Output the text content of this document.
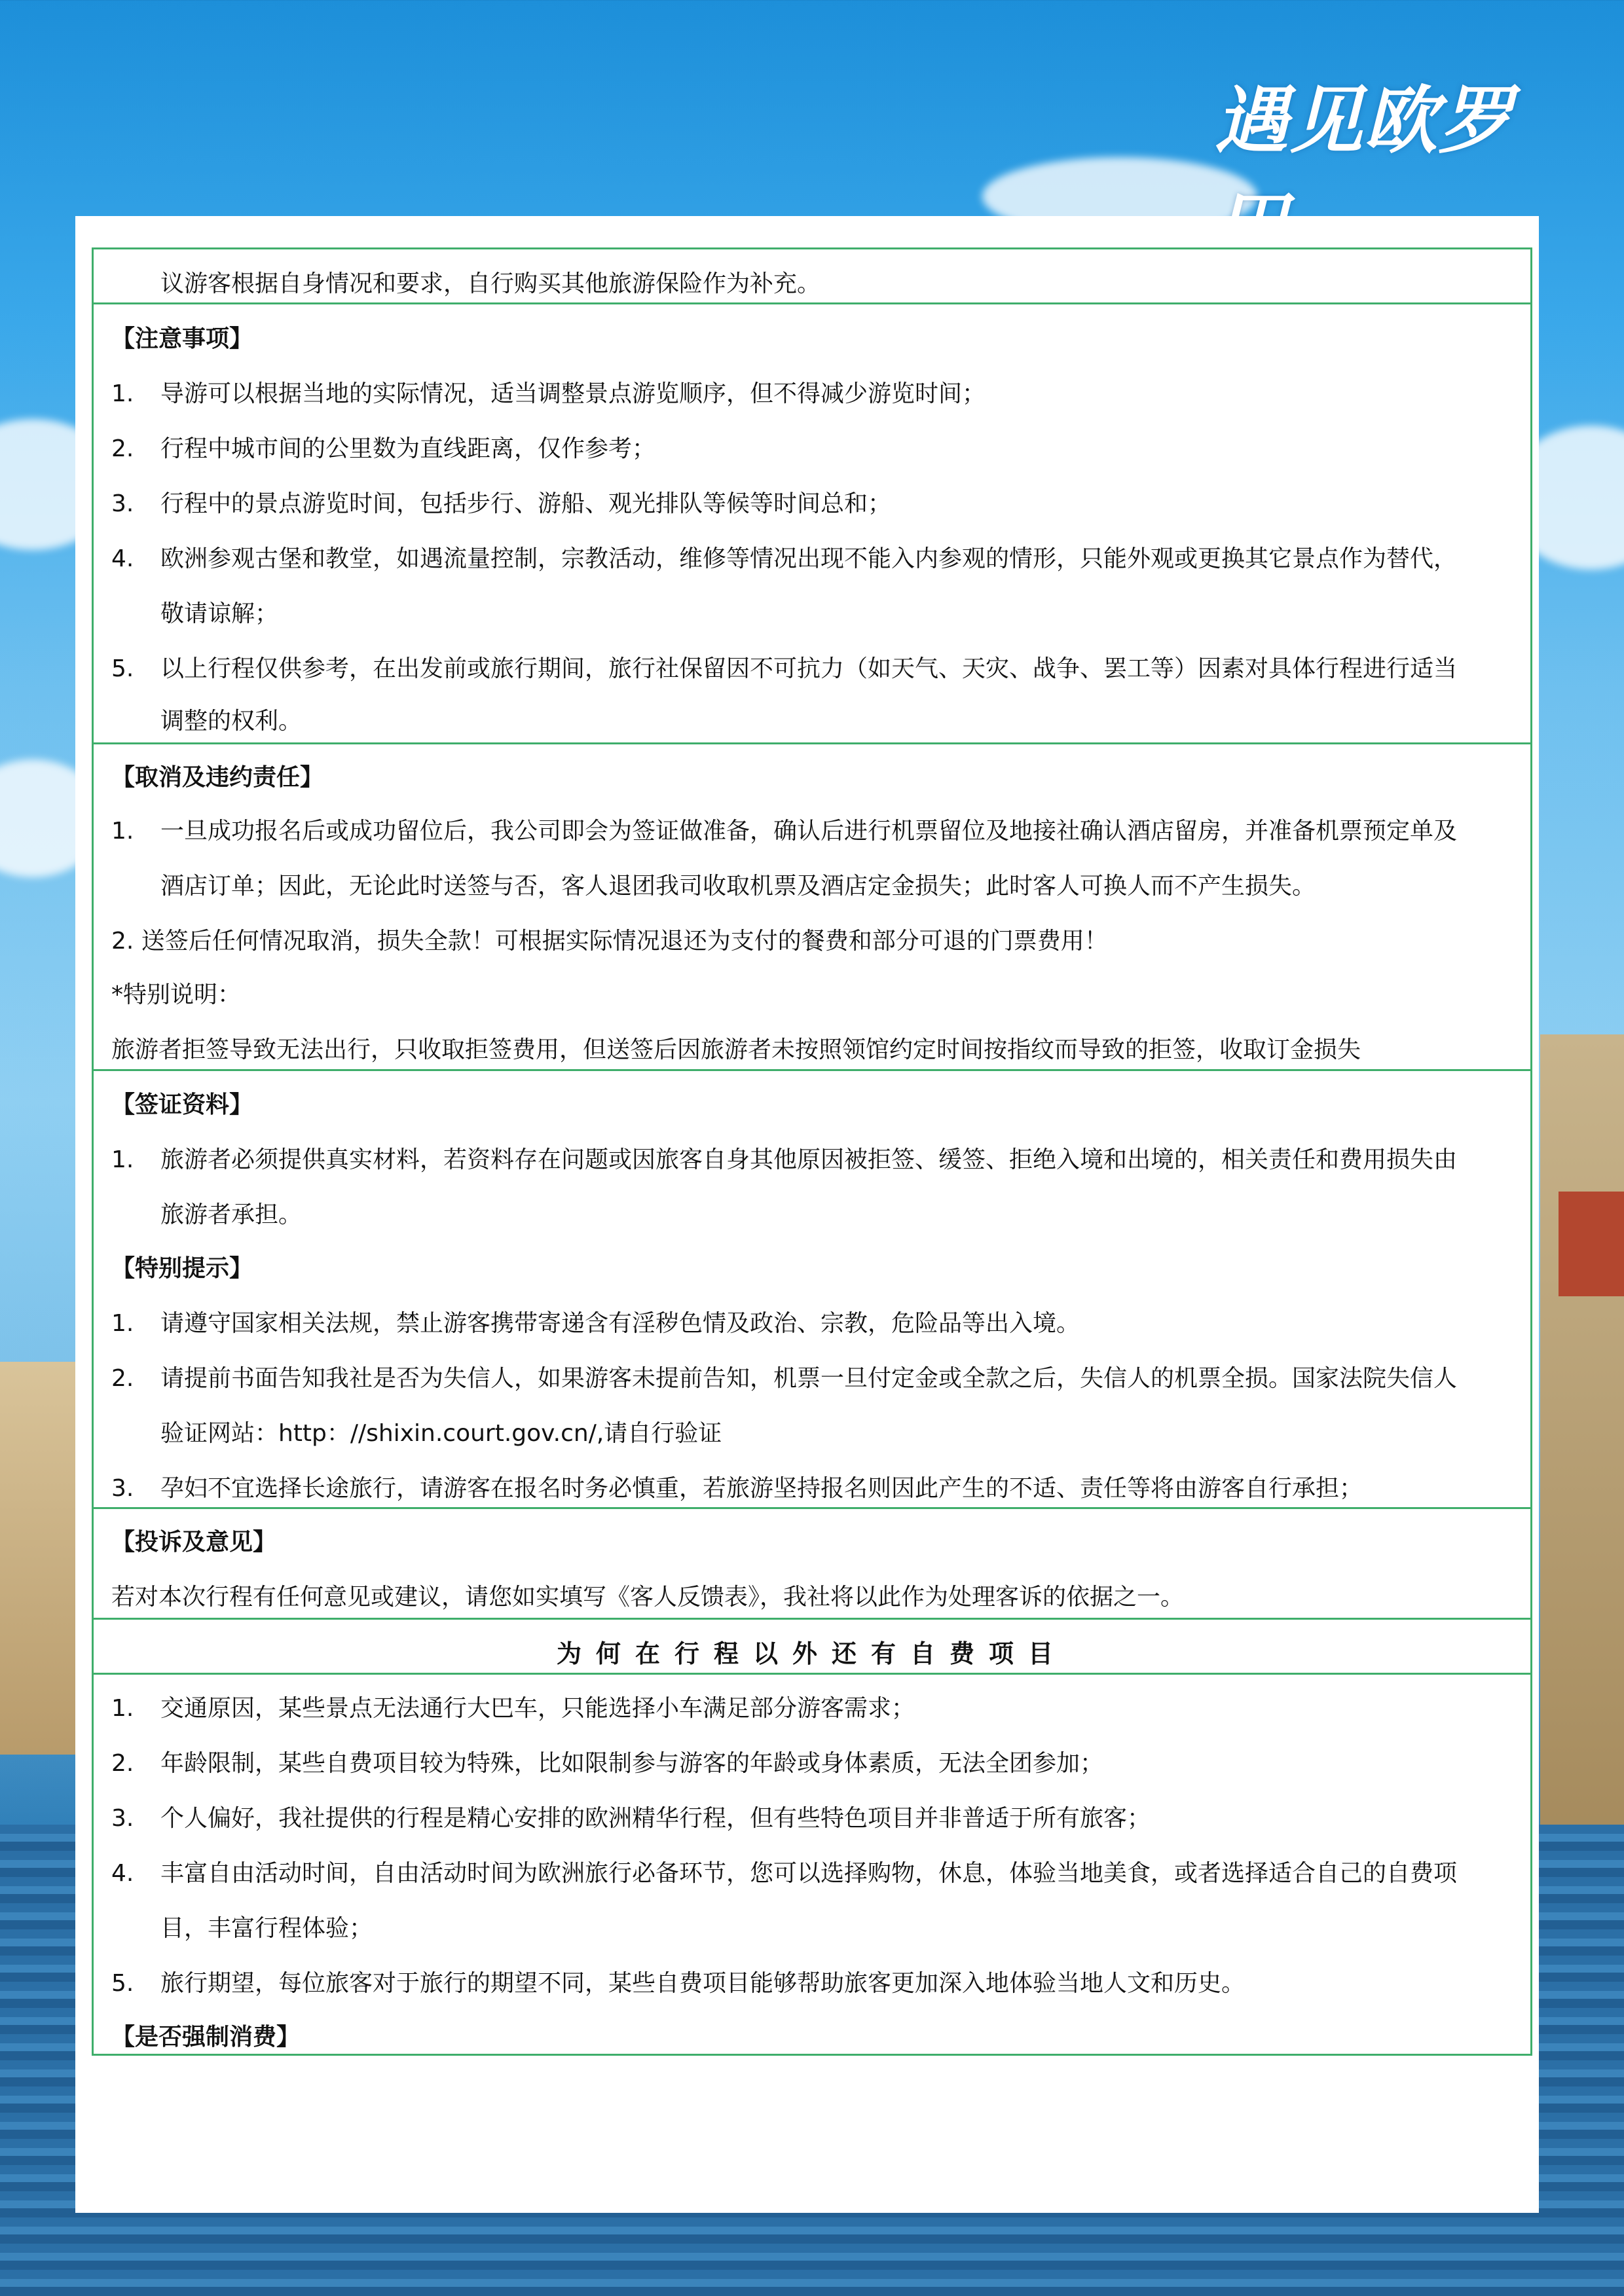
遇见欧罗
议游客根据自身情况和要求，自行购买其他旅游保险作为补充。
【注意事项】
1. 导游可以根据当地的实际情况，适当调整景点游览顺序，但不得减少游览时间；
2. 行程中城市间的公里数为直线距离，仅作参考；
3. 行程中的景点游览时间，包括步行、游船、观光排队等候等时间总和；
4. 欧洲参观古堡和教堂，如遇流量控制，宗教活动，维修等情况出现不能入内参观的情形，只能外观或更换其它景点作为替代，
敬请谅解；
5. 以上行程仅供参考，在出发前或旅行期间，旅行社保留因不可抗力（如天气、天灾、战争、罢工等）因素对具体行程进行适当
调整的权利。
【取消及违约责任】
1. 一旦成功报名后或成功留位后，我公司即会为签证做准备，确认后进行机票留位及地接社确认酒店留房，并准备机票预定单及
酒店订单；因此，无论此时送签与否，客人退团我司收取机票及酒店定金损失；此时客人可换人而不产生损失。
2. 送签后任何情况取消，损失全款！可根据实际情况退还为支付的餐费和部分可退的门票费用！
*特别说明：
旅游者拒签导致无法出行，只收取拒签费用，但送签后因旅游者未按照领馆约定时间按指纹而导致的拒签，收取订金损失
【签证资料】
1. 旅游者必须提供真实材料，若资料存在问题或因旅客自身其他原因被拒签、缓签、拒绝入境和出境的，相关责任和费用损失由
旅游者承担。
【特别提示】
1. 请遵守国家相关法规，禁止游客携带寄递含有淫秽色情及政治、宗教，危险品等出入境。
2. 请提前书面告知我社是否为失信人，如果游客未提前告知，机票一旦付定金或全款之后，失信人的机票全损。国家法院失信人
验证网站：http：//shixin.court.gov.cn/,请自行验证
3. 孕妇不宜选择长途旅行，请游客在报名时务必慎重，若旅游坚持报名则因此产生的不适、责任等将由游客自行承担；
【投诉及意见】
若对本次行程有任何意见或建议，请您如实填写《客人反馈表》，我社将以此作为处理客诉的依据之一。
为何在行程以外还有自费项目
1. 交通原因，某些景点无法通行大巴车，只能选择小车满足部分游客需求；
2. 年龄限制，某些自费项目较为特殊，比如限制参与游客的年龄或身体素质，无法全团参加；
3. 个人偏好，我社提供的行程是精心安排的欧洲精华行程，但有些特色项目并非普适于所有旅客；
4. 丰富自由活动时间，自由活动时间为欧洲旅行必备环节，您可以选择购物，休息，体验当地美食，或者选择适合自己的自费项
目，丰富行程体验；
5. 旅行期望，每位旅客对于旅行的期望不同，某些自费项目能够帮助旅客更加深入地体验当地人文和历史。
【是否强制消费】
